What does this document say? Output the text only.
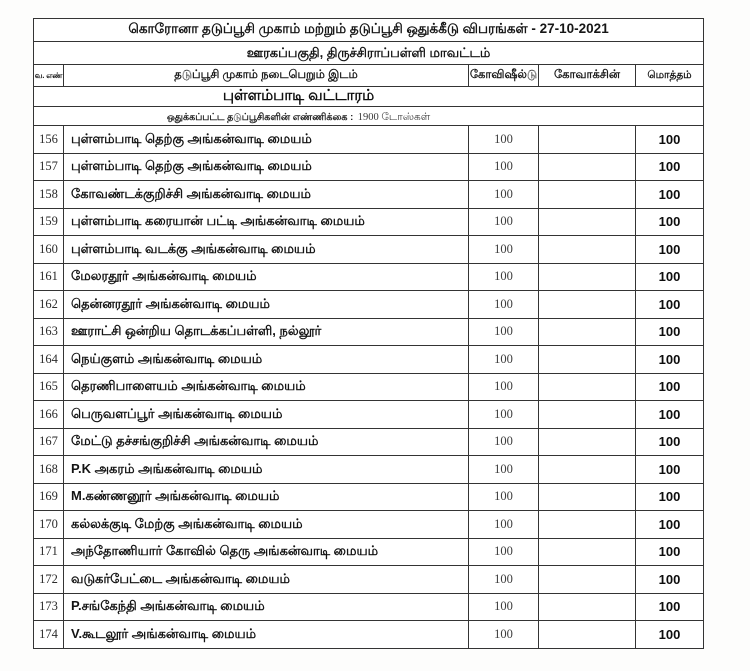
கொரோனா தடுப்பூசி முகாம் மற்றும் தடுப்பூசி ஒதுக்கீடு விபரங்கள் - 27-10-2021				
ஊரகப்பகுதி, திருச்சிராப்பள்ளி மாவட்டம்				
வ. எண்	தடுப்பூசி முகாம் நடைபெறும் இடம்	கோவிஷீல்டு	கோவாக்சின்	மொத்தம்
புள்ளம்பாடி வட்டாரம்				
ஒதுக்கப்பட்ட தடுப்பூசிகளின் எண்ணிக்கை : 1900 டோஸ்கள்				
156	புள்ளம்பாடி தெற்கு அங்கன்வாடி மையம்	100		100
157	புள்ளம்பாடி தெற்கு அங்கன்வாடி மையம்	100		100
158	கோவண்டக்குறிச்சி அங்கன்வாடி மையம்	100		100
159	புள்ளம்பாடி கரையான் பட்டி அங்கன்வாடி மையம்	100		100
160	புள்ளம்பாடி வடக்கு அங்கன்வாடி மையம்	100		100
161	மேலரதூர் அங்கன்வாடி மையம்	100		100
162	தென்னரதூர் அங்கன்வாடி மையம்	100		100
163	ஊராட்சி ஒன்றிய தொடக்கப்பள்ளி, நல்லூர்	100		100
164	நெய்குளம் அங்கன்வாடி மையம்	100		100
165	தெரணிபாளையம் அங்கன்வாடி மையம்	100		100
166	பெருவளப்பூர் அங்கன்வாடி மையம்	100		100
167	மேட்டு தச்சங்குறிச்சி அங்கன்வாடி மையம்	100		100
168	P.K அகரம் அங்கன்வாடி மையம்	100		100
169	M.கண்ணனூர் அங்கன்வாடி மையம்	100		100
170	கல்லக்குடி மேற்கு அங்கன்வாடி மையம்	100		100
171	அந்தோணியார் கோவில் தெரு அங்கன்வாடி மையம்	100		100
172	வடுகர்பேட்டை அங்கன்வாடி மையம்	100		100
173	P.சங்கேந்தி அங்கன்வாடி மையம்	100		100
174	V.கூடலூர் அங்கன்வாடி மையம்	100		100
